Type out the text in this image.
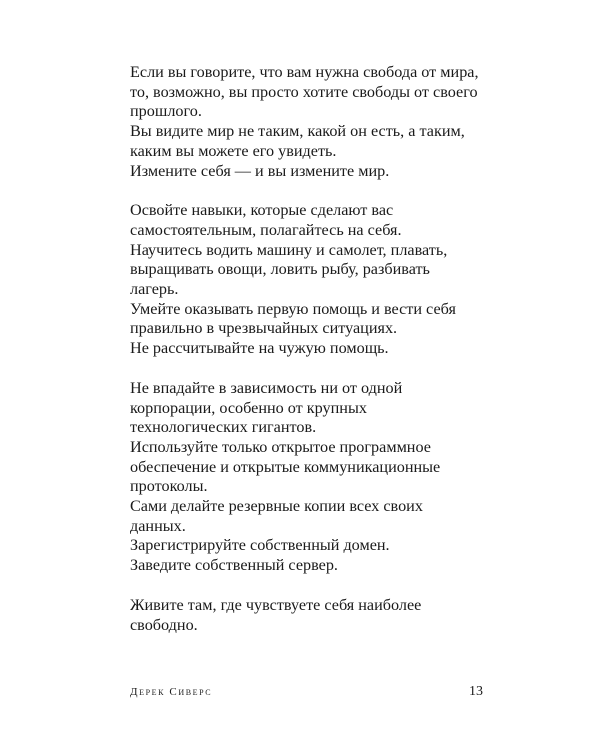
Если вы говорите, что вам нужна свобода от мира,
то, возможно, вы просто хотите свободы от своего
прошлого.
Вы видите мир не таким, какой он есть, а таким,
каким вы можете его увидеть.
Измените себя — и вы измените мир.

Освойте навыки, которые сделают вас
самостоятельным, полагайтесь на себя.
Научитесь водить машину и самолет, плавать,
выращивать овощи, ловить рыбу, разбивать
лагерь.
Умейте оказывать первую помощь и вести себя
правильно в чрезвычайных ситуациях.
Не рассчитывайте на чужую помощь.

Не впадайте в зависимость ни от одной
корпорации, особенно от крупных
технологических гигантов.
Используйте только открытое программное
обеспечение и открытые коммуникационные
протоколы.
Сами делайте резервные копии всех своих
данных.
Зарегистрируйте собственный домен.
Заведите собственный сервер.

Живите там, где чувствуете себя наиболее
свободно.

Дерек Сиверс	13
